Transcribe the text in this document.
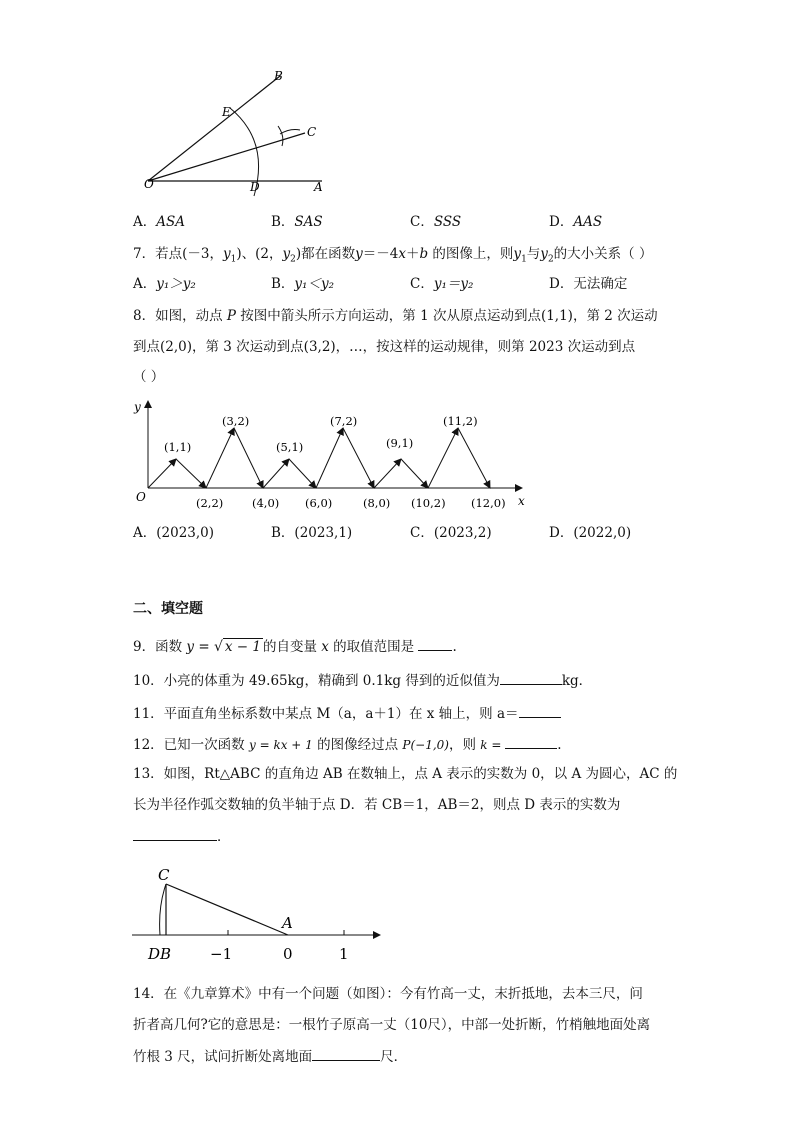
B
E
C
O	D	A
A．ASA	B．SAS	C．SSS	D．AAS
7．若点(－3，$y_1$)、(2，$y_2$)都在函数y＝－4x＋b 的图像上，则$y_1$与$y_2$的大小关系（ ）
A．y₁＞y₂	B．y₁＜y₂	C．y₁＝y₂	D．无法确定
8．如图，动点 P 按图中箭头所示方向运动，第 1 次从原点运动到点(1,1)，第 2 次运动
到点(2,0)，第 3 次运动到点(3,2)，…，按这样的运动规律，则第 2023 次运动到点
（ ）
y
x
O
(1,1)
(3,2)
(5,1)
(7,2)
(9,1)
(11,2)
(2,2) (4,0) (6,0)	(8,0) (10,2) (12,0)
A．(2023,0)	B．(2023,1)	C．(2023,2)	D．(2022,0)
二、填空题
9．函数 y = √ x − 1 的自变量 x 的取值范围是	.
10．小亮的体重为 49.65kg，精确到 0.1kg 得到的近似值为	kg．
11．平面直角坐标系数中某点 M（a，a＋1）在 x 轴上，则 a＝
12．已知一次函数 y = kx + 1 的图像经过点 P(−1,0)，则 k =	.
13．如图，Rt△ABC 的直角边 AB 在数轴上，点 A 表示的实数为 0，以 A 为圆心，AC 的
长为半径作弧交数轴的负半轴于点 D．若 CB＝1，AB＝2，则点 D 表示的实数为
．
C
A
DB	−1	0	1
14．在《九章算术》中有一个问题（如图）：今有竹高一丈，末折抵地，去本三尺，问
折者高几何?它的意思是：一根竹子原高一丈（10尺），中部一处折断，竹梢触地面处离
竹根 3 尺，试问折断处离地面	尺．
